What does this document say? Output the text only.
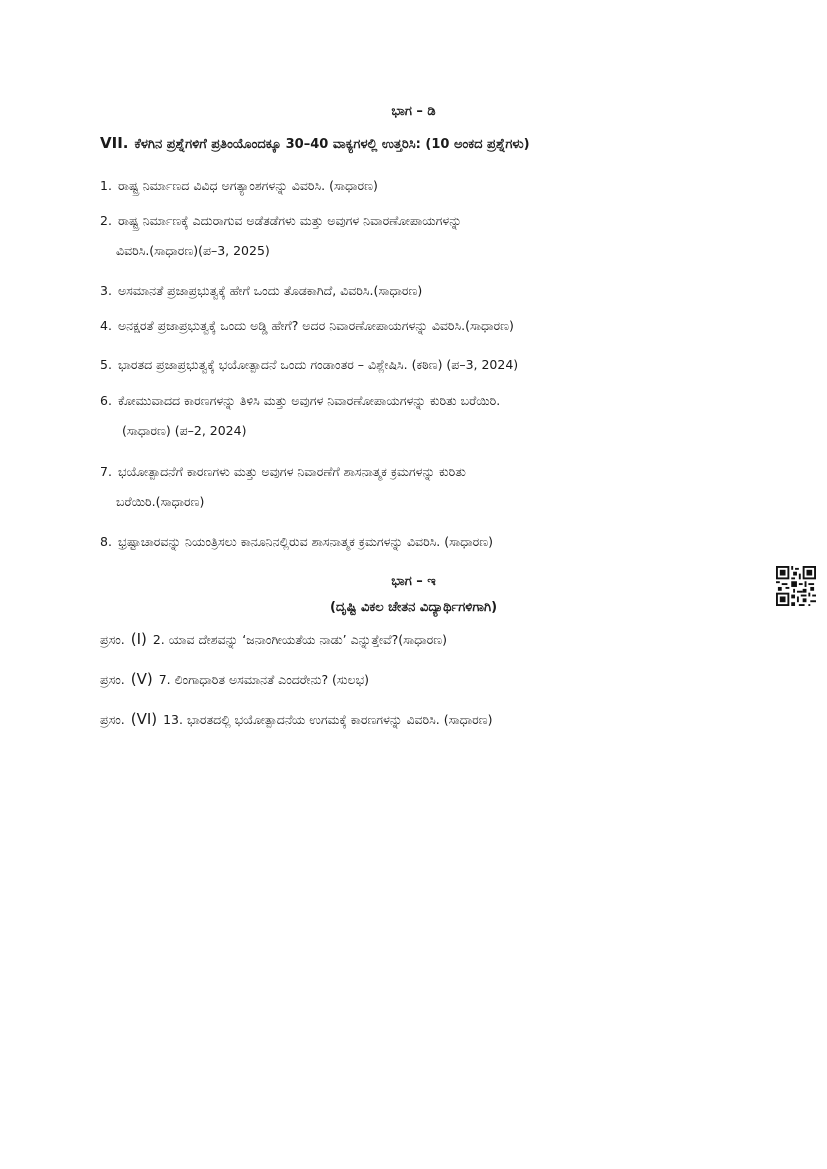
ಭಾಗ – ಡಿ
VII. ಕೆಳಗಿನ ಪ್ರಶ್ನೆಗಳಿಗೆ ಪ್ರತಿಂಯೊಂದಕ್ಕೂ 30–40 ವಾಕ್ಯಗಳಲ್ಲಿ ಉತ್ತರಿಸಿ: (10 ಅಂಕದ ಪ್ರಶ್ನೆಗಳು)
1. ರಾಷ್ಟ್ರ ನಿರ್ಮಾಣದ ವಿವಿಧ ಅಗತ್ಯಾಂಶಗಳನ್ನು ವಿವರಿಸಿ. (ಸಾಧಾರಣ)
2. ರಾಷ್ಟ್ರ ನಿರ್ಮಾಣಕ್ಕೆ ಎದುರಾಗುವ ಅಡೆತಡೆಗಳು ಮತ್ತು ಅವುಗಳ ನಿವಾರಣೋಪಾಯಗಳನ್ನು
ವಿವರಿಸಿ.(ಸಾಧಾರಣ)(ಪ–3, 2025)
3. ಅಸಮಾನತೆ ಪ್ರಜಾಪ್ರಭುತ್ವಕ್ಕೆ ಹೇಗೆ ಒಂದು ತೊಡಕಾಗಿದೆ, ವಿವರಿಸಿ.(ಸಾಧಾರಣ)
4. ಅನಕ್ಷರತೆ ಪ್ರಜಾಪ್ರಭುತ್ವಕ್ಕೆ ಒಂದು ಅಡ್ಡಿ ಹೇಗೆ? ಅದರ ನಿವಾರಣೋಪಾಯಗಳನ್ನು ವಿವರಿಸಿ.(ಸಾಧಾರಣ)
5. ಭಾರತದ ಪ್ರಜಾಪ್ರಭುತ್ವಕ್ಕೆ ಭಯೋತ್ಪಾದನೆ ಒಂದು ಗಂಡಾಂತರ – ವಿಶ್ಲೇಷಿಸಿ. (ಕಠಿಣ) (ಪ–3, 2024)
6. ಕೋಮುವಾದದ ಕಾರಣಗಳನ್ನು ತಿಳಿಸಿ ಮತ್ತು ಅವುಗಳ ನಿವಾರಣೋಪಾಯಗಳನ್ನು ಕುರಿತು ಬರೆಯಿರಿ.
(ಸಾಧಾರಣ) (ಪ–2, 2024)
7. ಭಯೋತ್ಪಾದನೆಗೆ ಕಾರಣಗಳು ಮತ್ತು ಅವುಗಳ ನಿವಾರಣೆಗೆ ಶಾಸನಾತ್ಮಕ ಕ್ರಮಗಳನ್ನು ಕುರಿತು
ಬರೆಯಿರಿ.(ಸಾಧಾರಣ)
8. ಭ್ರಷ್ಟಾಚಾರವನ್ನು ನಿಯಂತ್ರಿಸಲು ಕಾನೂನಿನಲ್ಲಿರುವ ಶಾಸನಾತ್ಮಕ ಕ್ರಮಗಳನ್ನು ವಿವರಿಸಿ. (ಸಾಧಾರಣ)
ಭಾಗ – ಇ
(ದೃಷ್ಟಿ ವಿಕಲ ಚೇತನ ವಿದ್ಯಾರ್ಥಿಗಳಿಗಾಗಿ)
ಪ್ರಸಂ. (I) 2. ಯಾವ ದೇಶವನ್ನು ‘ಜನಾಂಗೀಯತೆಯ ನಾಡು’ ಎನ್ನುತ್ತೇವೆ?(ಸಾಧಾರಣ)
ಪ್ರಸಂ. (V) 7. ಲಿಂಗಾಧಾರಿತ ಅಸಮಾನತೆ ಎಂದರೇನು? (ಸುಲಭ)
ಪ್ರಸಂ. (VI) 13. ಭಾರತದಲ್ಲಿ ಭಯೋತ್ಪಾದನೆಯ ಉಗಮಕ್ಕೆ ಕಾರಣಗಳನ್ನು ವಿವರಿಸಿ. (ಸಾಧಾರಣ)
